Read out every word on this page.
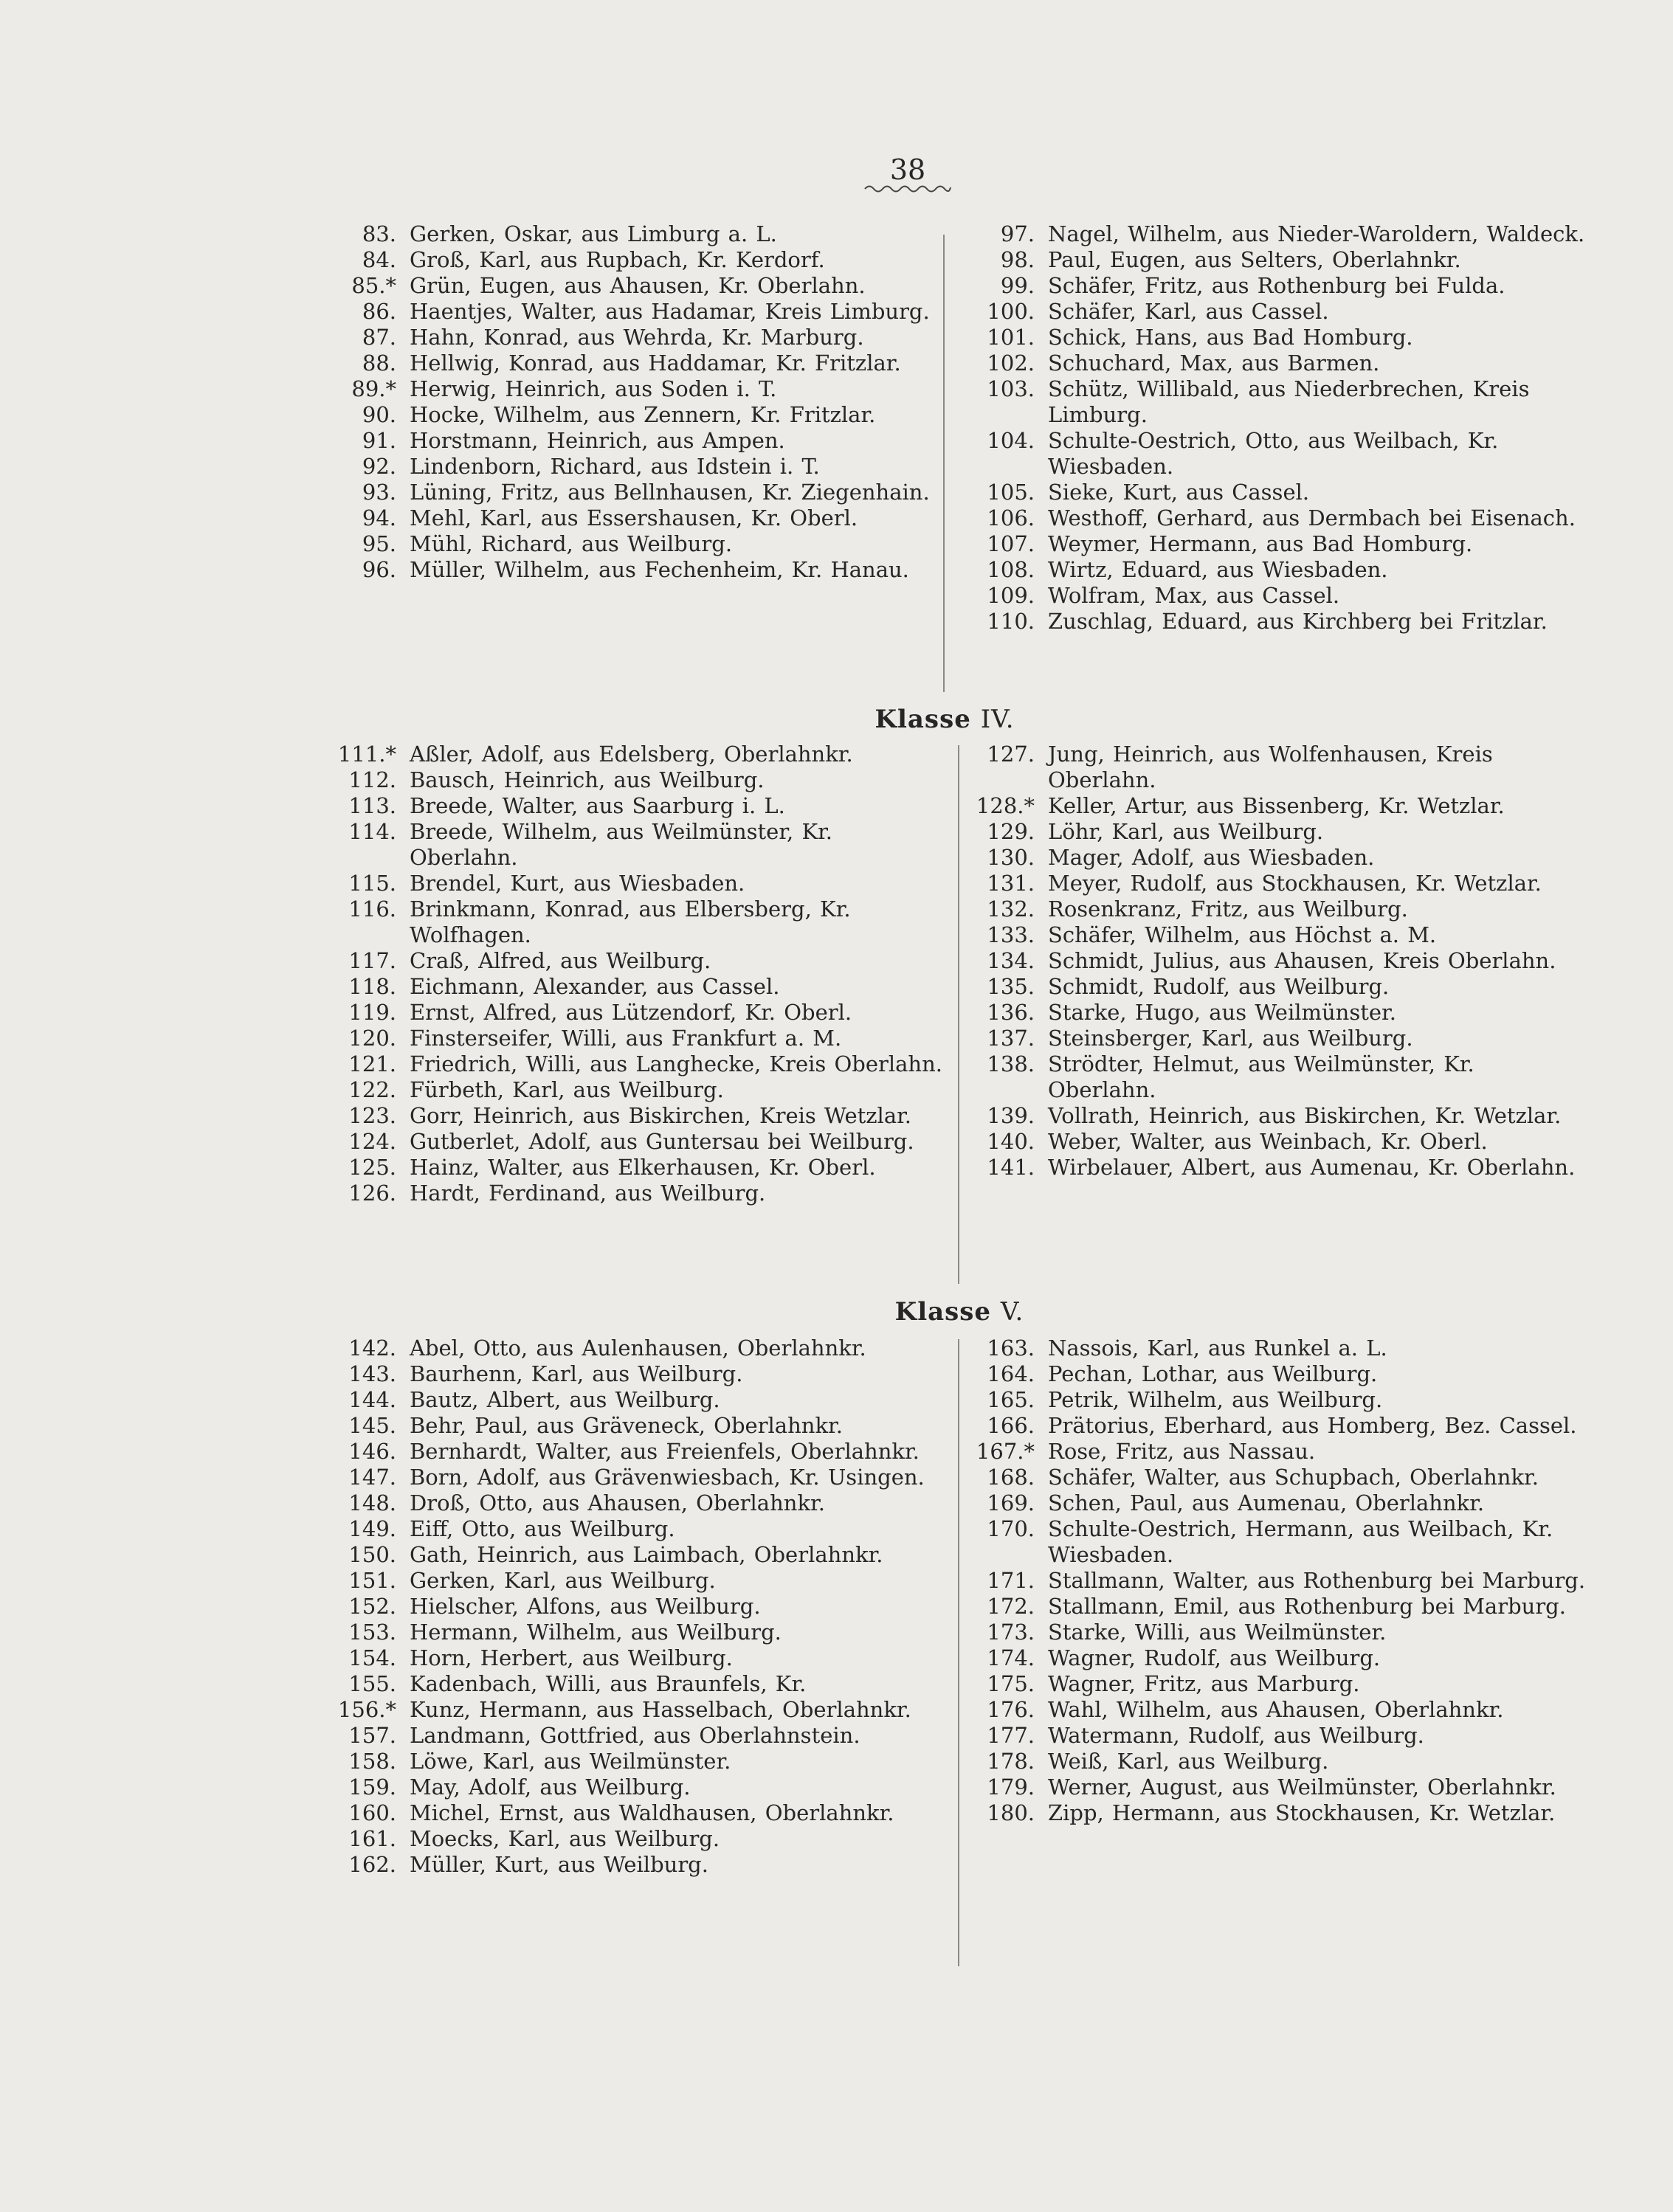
38
83. Gerken, Oskar, aus Limburg a. L.
84. Groß, Karl, aus Rupbach, Kr. Kerdorf.
85.* Grün, Eugen, aus Ahausen, Kr. Oberlahn.
86. Haentjes, Walter, aus Hadamar, Kreis Limburg.
87. Hahn, Konrad, aus Wehrda, Kr. Marburg.
88. Hellwig, Konrad, aus Haddamar, Kr. Fritzlar.
89.* Herwig, Heinrich, aus Soden i. T.
90. Hocke, Wilhelm, aus Zennern, Kr. Fritzlar.
91. Horstmann, Heinrich, aus Ampen.
92. Lindenborn, Richard, aus Idstein i. T.
93. Lüning, Fritz, aus Bellnhausen, Kr. Ziegenhain.
94. Mehl, Karl, aus Essershausen, Kr. Oberl.
95. Mühl, Richard, aus Weilburg.
96. Müller, Wilhelm, aus Fechenheim, Kr. Hanau.
97. Nagel, Wilhelm, aus Nieder-Waroldern, Waldeck.
98. Paul, Eugen, aus Selters, Oberlahnkr.
99. Schäfer, Fritz, aus Rothenburg bei Fulda.
100. Schäfer, Karl, aus Cassel.
101. Schick, Hans, aus Bad Homburg.
102. Schuchard, Max, aus Barmen.
103. Schütz, Willibald, aus Niederbrechen, Kreis Limburg.
104. Schulte-Oestrich, Otto, aus Weilbach, Kr. Wiesbaden.
105. Sieke, Kurt, aus Cassel.
106. Westhoff, Gerhard, aus Dermbach bei Eisenach.
107. Weymer, Hermann, aus Bad Homburg.
108. Wirtz, Eduard, aus Wiesbaden.
109. Wolfram, Max, aus Cassel.
110. Zuschlag, Eduard, aus Kirchberg bei Fritzlar.
Klasse IV.
111.* Aßler, Adolf, aus Edelsberg, Oberlahnkr.
112. Bausch, Heinrich, aus Weilburg.
113. Breede, Walter, aus Saarburg i. L.
114. Breede, Wilhelm, aus Weilmünster, Kr. Oberlahn.
115. Brendel, Kurt, aus Wiesbaden.
116. Brinkmann, Konrad, aus Elbersberg, Kr. Wolfhagen.
117. Craß, Alfred, aus Weilburg.
118. Eichmann, Alexander, aus Cassel.
119. Ernst, Alfred, aus Lützendorf, Kr. Oberl.
120. Finsterseifer, Willi, aus Frankfurt a. M.
121. Friedrich, Willi, aus Langhecke, Kreis Oberlahn.
122. Fürbeth, Karl, aus Weilburg.
123. Gorr, Heinrich, aus Biskirchen, Kreis Wetzlar.
124. Gutberlet, Adolf, aus Guntersau bei Weilburg.
125. Hainz, Walter, aus Elkerhausen, Kr. Oberl.
126. Hardt, Ferdinand, aus Weilburg.
127. Jung, Heinrich, aus Wolfenhausen, Kreis Oberlahn.
128.* Keller, Artur, aus Bissenberg, Kr. Wetzlar.
129. Löhr, Karl, aus Weilburg.
130. Mager, Adolf, aus Wiesbaden.
131. Meyer, Rudolf, aus Stockhausen, Kr. Wetzlar.
132. Rosenkranz, Fritz, aus Weilburg.
133. Schäfer, Wilhelm, aus Höchst a. M.
134. Schmidt, Julius, aus Ahausen, Kreis Oberlahn.
135. Schmidt, Rudolf, aus Weilburg.
136. Starke, Hugo, aus Weilmünster.
137. Steinsberger, Karl, aus Weilburg.
138. Strödter, Helmut, aus Weilmünster, Kr. Oberlahn.
139. Vollrath, Heinrich, aus Biskirchen, Kr. Wetzlar.
140. Weber, Walter, aus Weinbach, Kr. Oberl.
141. Wirbelauer, Albert, aus Aumenau, Kr. Oberlahn.
Klasse V.
142. Abel, Otto, aus Aulenhausen, Oberlahnkr.
143. Baurhenn, Karl, aus Weilburg.
144. Bautz, Albert, aus Weilburg.
145. Behr, Paul, aus Gräveneck, Oberlahnkr.
146. Bernhardt, Walter, aus Freienfels, Oberlahnkr.
147. Born, Adolf, aus Grävenwiesbach, Kr. Usingen.
148. Droß, Otto, aus Ahausen, Oberlahnkr.
149. Eiff, Otto, aus Weilburg.
150. Gath, Heinrich, aus Laimbach, Oberlahnkr.
151. Gerken, Karl, aus Weilburg.
152. Hielscher, Alfons, aus Weilburg.
153. Hermann, Wilhelm, aus Weilburg.
154. Horn, Herbert, aus Weilburg.
155. Kadenbach, Willi, aus Braunfels, Kr.
156.* Kunz, Hermann, aus Hasselbach, Oberlahnkr.
157. Landmann, Gottfried, aus Oberlahnstein.
158. Löwe, Karl, aus Weilmünster.
159. May, Adolf, aus Weilburg.
160. Michel, Ernst, aus Waldhausen, Oberlahnkr.
161. Moecks, Karl, aus Weilburg.
162. Müller, Kurt, aus Weilburg.
163. Nassois, Karl, aus Runkel a. L.
164. Pechan, Lothar, aus Weilburg.
165. Petrik, Wilhelm, aus Weilburg.
166. Prätorius, Eberhard, aus Homberg, Bez. Cassel.
167.* Rose, Fritz, aus Nassau.
168. Schäfer, Walter, aus Schupbach, Oberlahnkr.
169. Schen, Paul, aus Aumenau, Oberlahnkr.
170. Schulte-Oestrich, Hermann, aus Weilbach, Kr. Wiesbaden.
171. Stallmann, Walter, aus Rothenburg bei Marburg.
172. Stallmann, Emil, aus Rothenburg bei Marburg.
173. Starke, Willi, aus Weilmünster.
174. Wagner, Rudolf, aus Weilburg.
175. Wagner, Fritz, aus Marburg.
176. Wahl, Wilhelm, aus Ahausen, Oberlahnkr.
177. Watermann, Rudolf, aus Weilburg.
178. Weiß, Karl, aus Weilburg.
179. Werner, August, aus Weilmünster, Oberlahnkr.
180. Zipp, Hermann, aus Stockhausen, Kr. Wetzlar.
